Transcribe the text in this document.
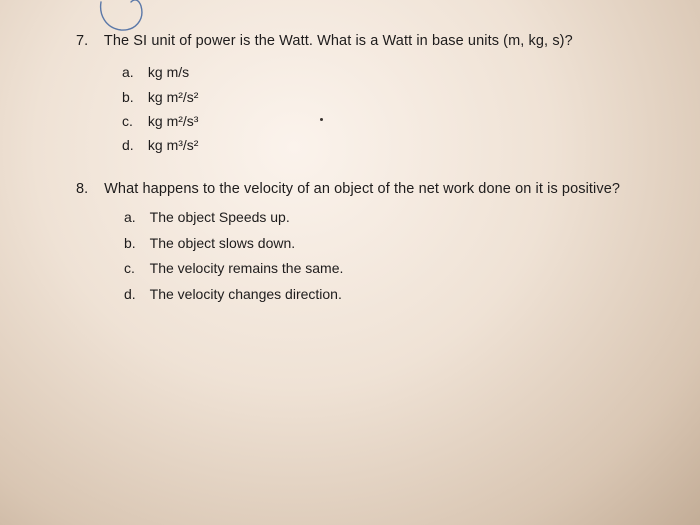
7. The SI unit of power is the Watt. What is a Watt in base units (m, kg, s)?
a. kg m/s
b. kg m²/s²
c. kg m²/s³
d. kg m³/s²
8. What happens to the velocity of an object of the net work done on it is positive?
a. The object Speeds up.
b. The object slows down.
c. The velocity remains the same.
d. The velocity changes direction.
